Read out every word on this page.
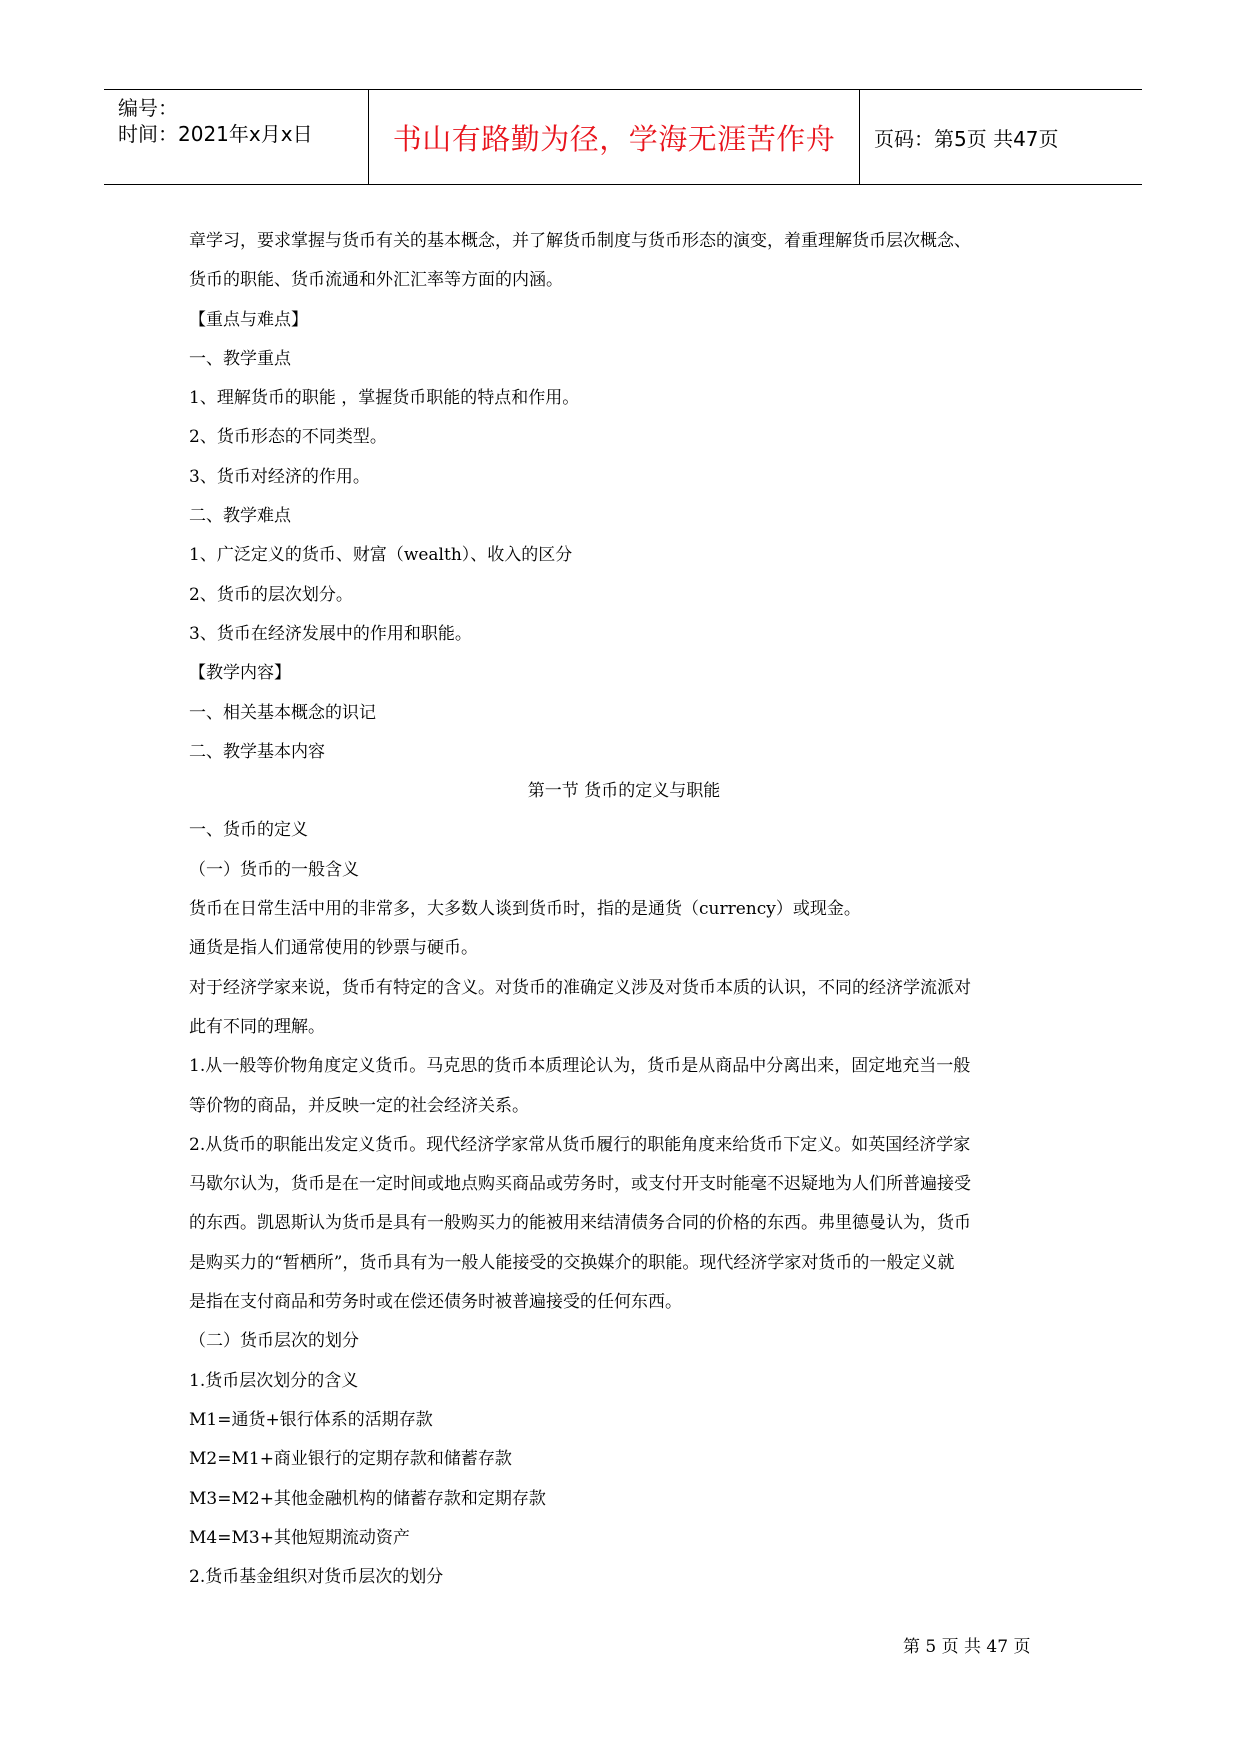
编号：
时间：2021年x月x日	书山有路勤为径，学海无涯苦作舟 页码：第5页 共47页
章学习，要求掌握与货币有关的基本概念，并了解货币制度与货币形态的演变，着重理解货币层次概念、
货币的职能、货币流通和外汇汇率等方面的内涵。
【重点与难点】
一、教学重点
1、理解货币的职能 ，掌握货币职能的特点和作用。
2、货币形态的不同类型。
3、货币对经济的作用。
二、教学难点
1、广泛定义的货币、财富（wealth）、收入的区分
2、货币的层次划分。
3、货币在经济发展中的作用和职能。
【教学内容】
一、相关基本概念的识记
二、教学基本内容
第一节 货币的定义与职能
一、货币的定义
（一）货币的一般含义
货币在日常生活中用的非常多，大多数人谈到货币时，指的是通货（currency）或现金。
通货是指人们通常使用的钞票与硬币。
对于经济学家来说，货币有特定的含义。对货币的准确定义涉及对货币本质的认识，不同的经济学流派对
此有不同的理解。
1.从一般等价物角度定义货币。马克思的货币本质理论认为，货币是从商品中分离出来，固定地充当一般
等价物的商品，并反映一定的社会经济关系。
2.从货币的职能出发定义货币。现代经济学家常从货币履行的职能角度来给货币下定义。如英国经济学家
马歇尔认为，货币是在一定时间或地点购买商品或劳务时，或支付开支时能毫不迟疑地为人们所普遍接受
的东西。凯恩斯认为货币是具有一般购买力的能被用来结清债务合同的价格的东西。弗里德曼认为，货币
是购买力的“暂栖所”，货币具有为一般人能接受的交换媒介的职能。现代经济学家对货币的一般定义就
是指在支付商品和劳务时或在偿还债务时被普遍接受的任何东西。
（二）货币层次的划分
1.货币层次划分的含义
M1=通货+银行体系的活期存款
M2=M1+商业银行的定期存款和储蓄存款
M3=M2+其他金融机构的储蓄存款和定期存款
M4=M3+其他短期流动资产
2.货币基金组织对货币层次的划分
第 5 页 共 47 页
